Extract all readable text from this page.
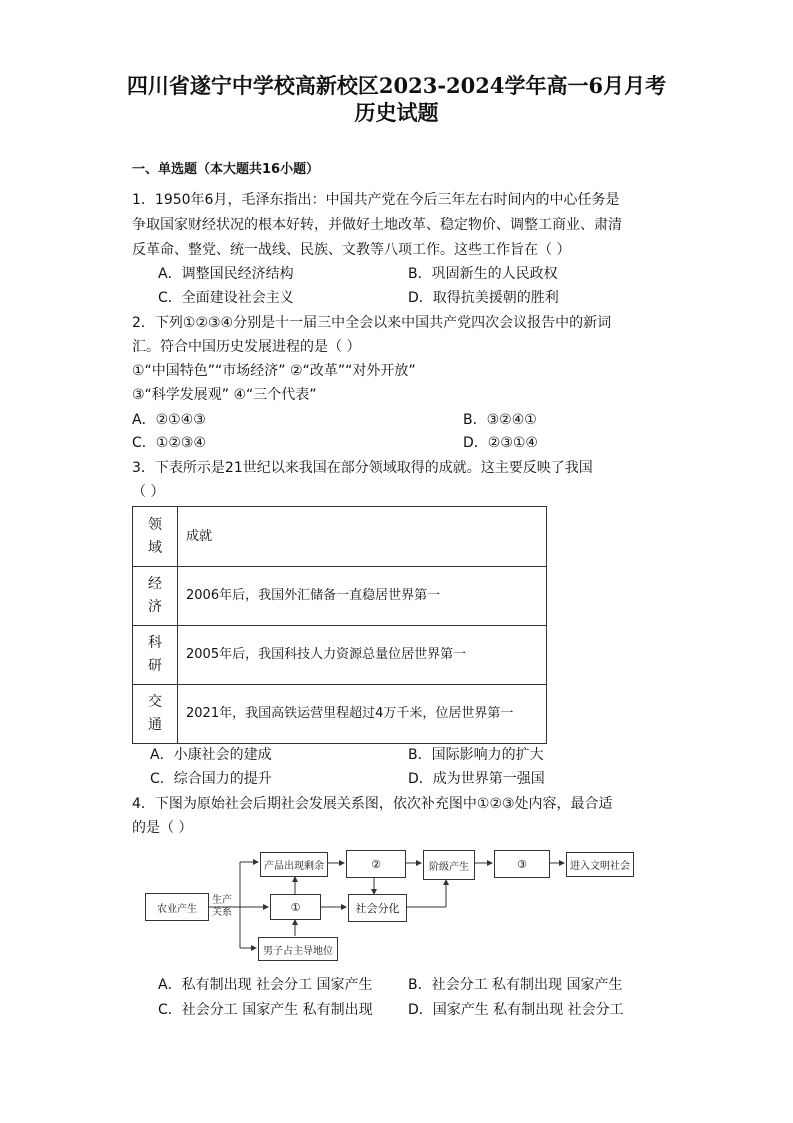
四川省遂宁中学校高新校区2023-2024学年高一6月月考
历史试题
一、单选题（本大题共16小题）
1．1950年6月，毛泽东指出：中国共产党在今后三年左右时间内的中心任务是
争取国家财经状况的根本好转，并做好土地改革、稳定物价、调整工商业、肃清
反革命、整党、统一战线、民族、文教等八项工作。这些工作旨在（ ）
A．调整国民经济结构	B．巩固新生的人民政权
C．全面建设社会主义	D．取得抗美援朝的胜利
2．下列①②③④分别是十一届三中全会以来中国共产党四次会议报告中的新词
汇。符合中国历史发展进程的是（ ）
①“中国特色”“市场经济” ②“改革”“对外开放”
③“科学发展观” ④“三个代表”
A．②①④③	B．③②④①
C．①②③④	D．②③①④
3．下表所示是21世纪以来我国在部分领域取得的成就。这主要反映了我国
（ ）
领域	成就

经济	2006年后，我国外汇储备一直稳居世界第一

科研	2005年后，我国科技人力资源总量位居世界第一

交通	2021年，我国高铁运营里程超过4万千米，位居世界第一
A．小康社会的建成	B．国际影响力的扩大
C．综合国力的提升	D．成为世界第一强国
4．下图为原始社会后期社会发展关系图，依次补充图中①②③处内容，最合适
的是（ ）
农业产生
生产
关系
产品出现剩余	②	阶级产生	③	进入文明社会
①	社会分化
男子占主导地位
A．私有制出现 社会分工 国家产生	B．社会分工 私有制出现 国家产生
C．社会分工 国家产生 私有制出现	D．国家产生 私有制出现 社会分工
